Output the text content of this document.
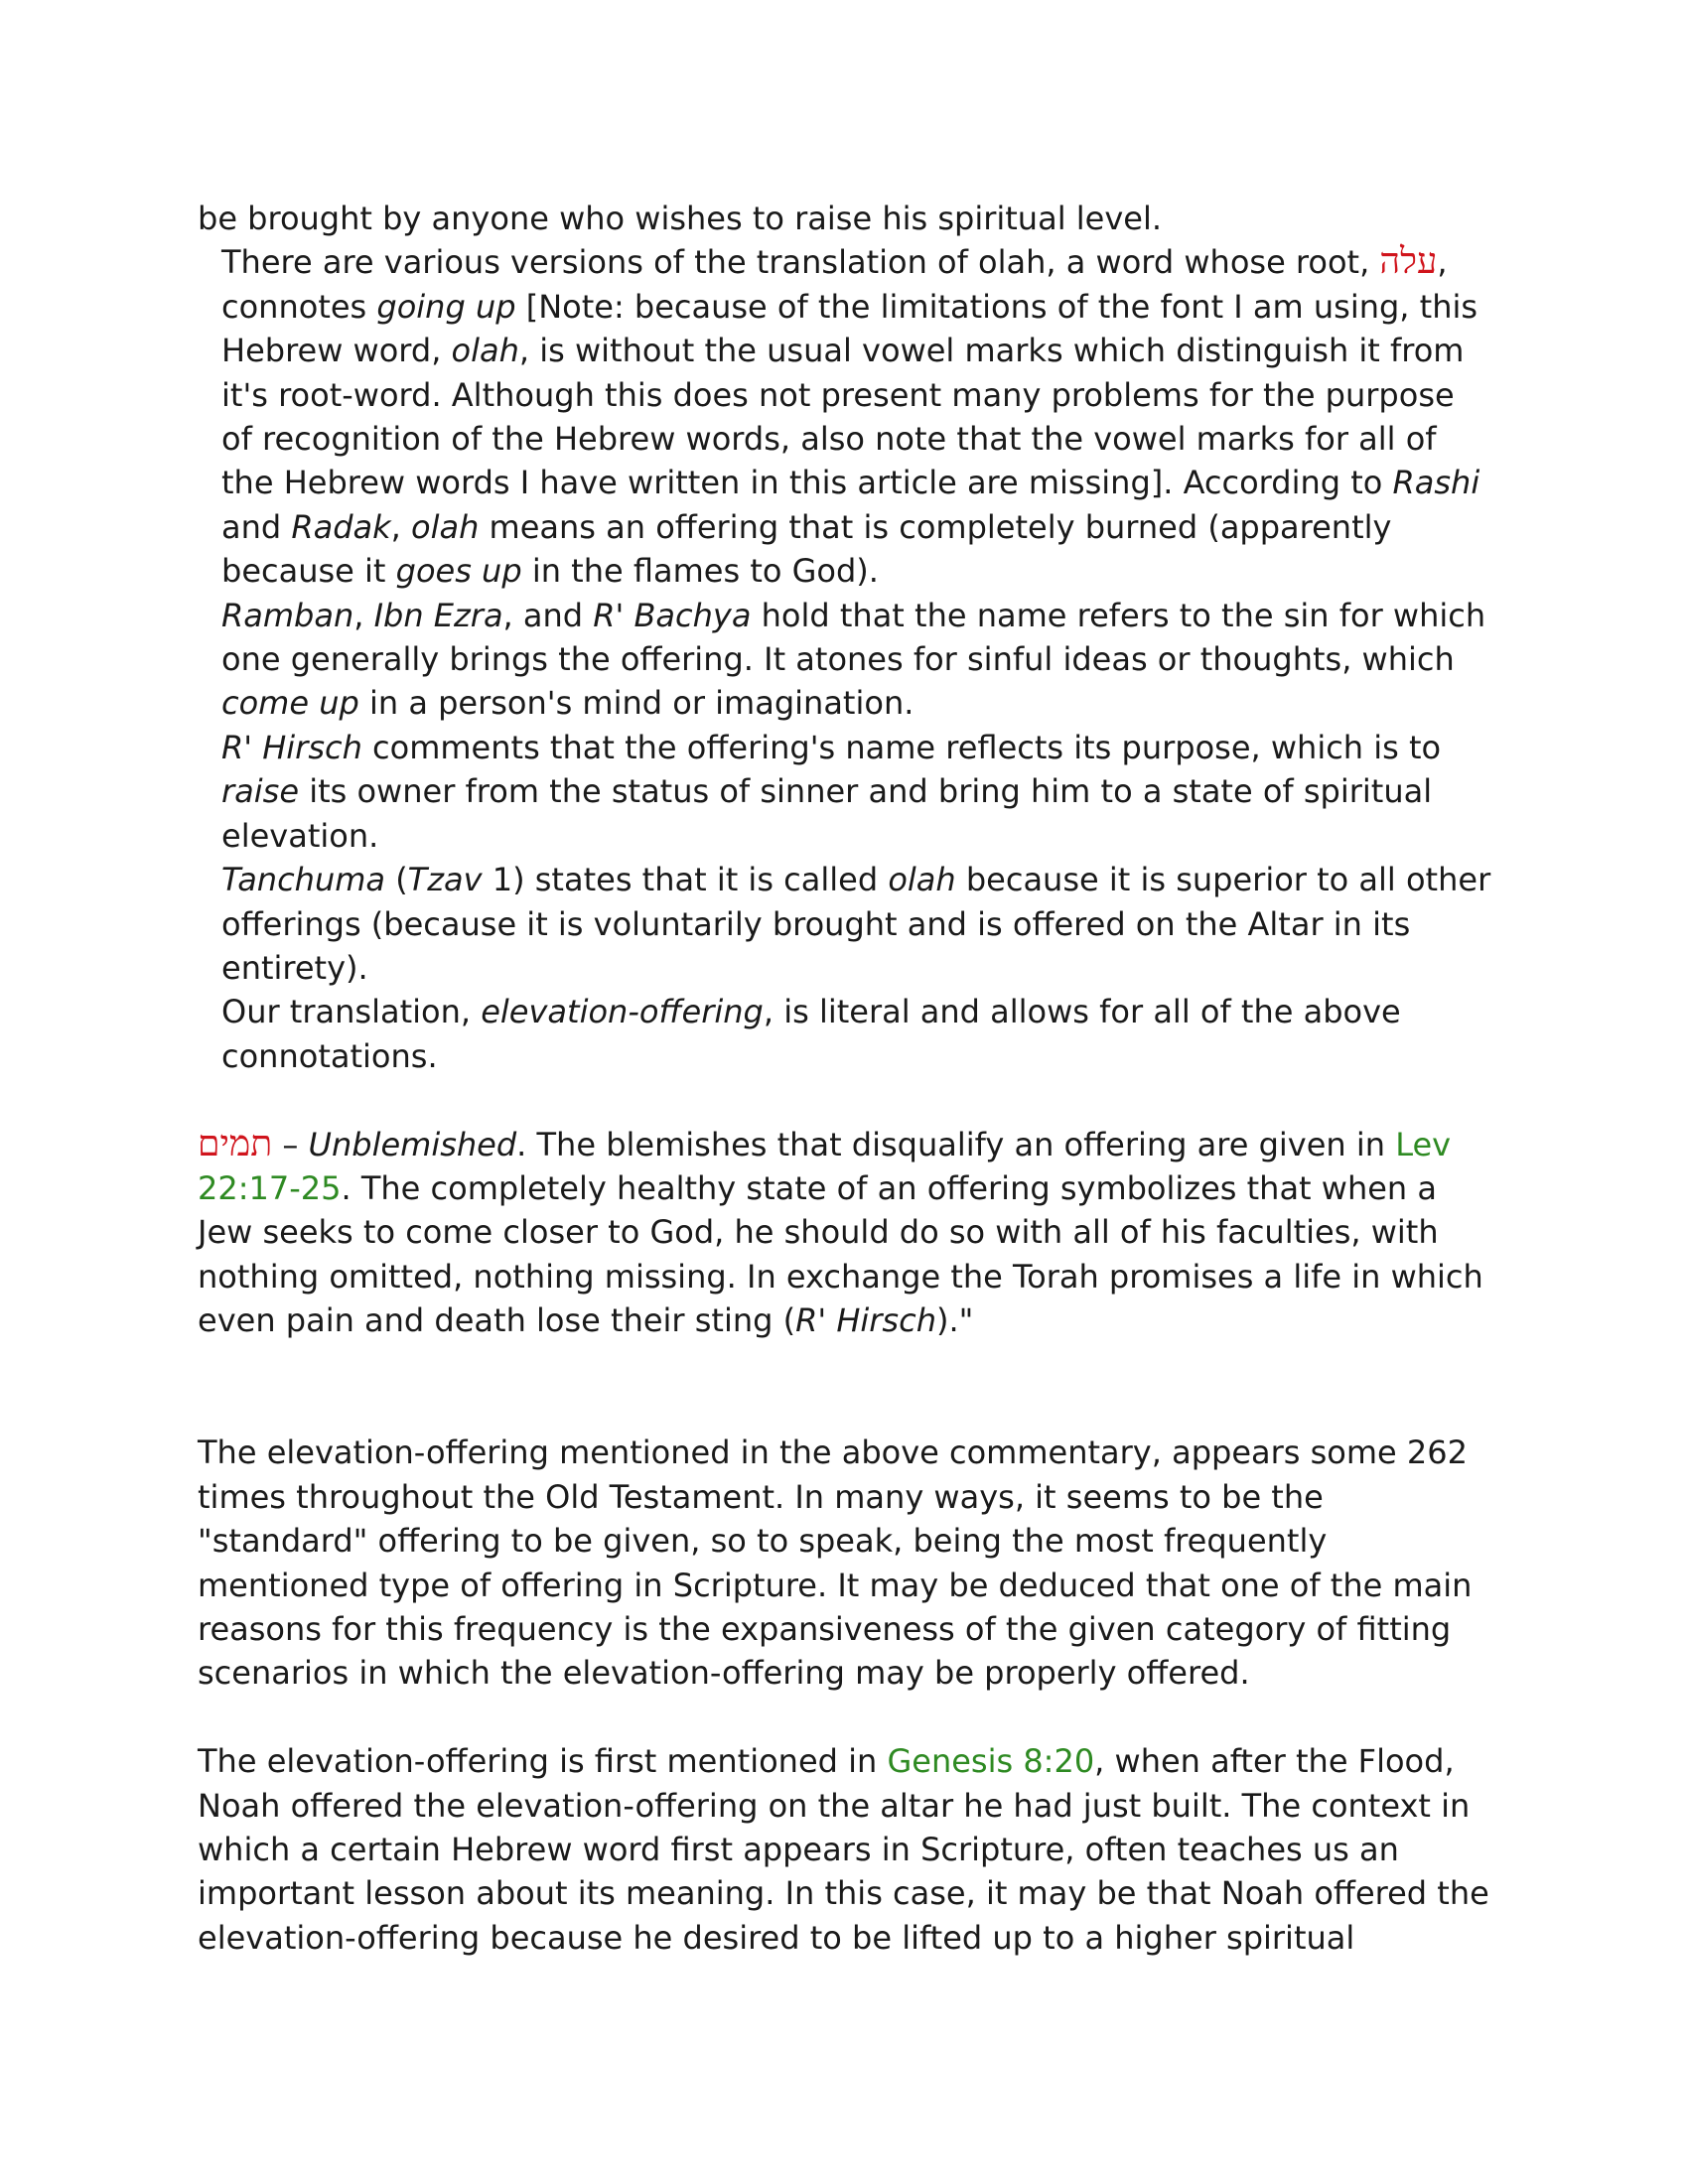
be brought by anyone who wishes to raise his spiritual level.

There are various versions of the translation of olah, a word whose root, עלה, connotes going up [Note: because of the limitations of the font I am using, this Hebrew word, olah, is without the usual vowel marks which distinguish it from it's root-word. Although this does not present many problems for the purpose of recognition of the Hebrew words, also note that the vowel marks for all of the Hebrew words I have written in this article are missing]. According to Rashi and Radak, olah means an offering that is completely burned (apparently because it goes up in the flames to God).

Ramban, Ibn Ezra, and R' Bachya hold that the name refers to the sin for which one generally brings the offering. It atones for sinful ideas or thoughts, which come up in a person's mind or imagination.

R' Hirsch comments that the offering's name reflects its purpose, which is to raise its owner from the status of sinner and bring him to a state of spiritual elevation.

Tanchuma (Tzav 1) states that it is called olah because it is superior to all other offerings (because it is voluntarily brought and is offered on the Altar in its entirety).

Our translation, elevation-offering, is literal and allows for all of the above connotations.

תמים – Unblemished. The blemishes that disqualify an offering are given in Lev 22:17-25. The completely healthy state of an offering symbolizes that when a Jew seeks to come closer to God, he should do so with all of his faculties, with nothing omitted, nothing missing. In exchange the Torah promises a life in which even pain and death lose their sting (R' Hirsch)."

The elevation-offering mentioned in the above commentary, appears some 262 times throughout the Old Testament. In many ways, it seems to be the "standard" offering to be given, so to speak, being the most frequently mentioned type of offering in Scripture. It may be deduced that one of the main reasons for this frequency is the expansiveness of the given category of fitting scenarios in which the elevation-offering may be properly offered.

The elevation-offering is first mentioned in Genesis 8:20, when after the Flood, Noah offered the elevation-offering on the altar he had just built. The context in which a certain Hebrew word first appears in Scripture, often teaches us an important lesson about its meaning. In this case, it may be that Noah offered the elevation-offering because he desired to be lifted up to a higher spiritual
